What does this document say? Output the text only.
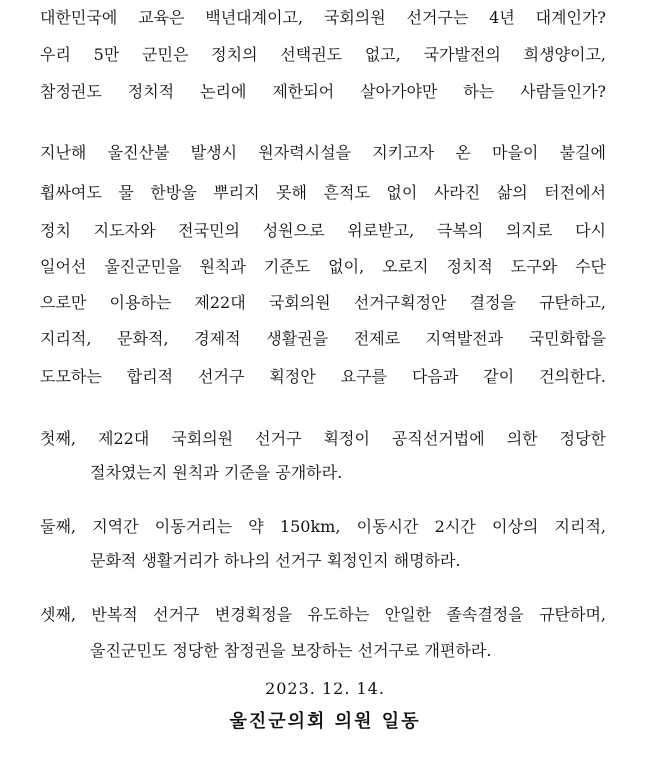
대한민국에 교육은 백년대계이고, 국회의원 선거구는 4년 대계인가?
우리 5만 군민은 정치의 선택권도 없고, 국가발전의 희생양이고,
참정권도 정치적 논리에 제한되어 살아가야만 하는 사람들인가?
지난해 울진산불 발생시 원자력시설을 지키고자 온 마을이 불길에
휩싸여도 물 한방울 뿌리지 못해 흔적도 없이 사라진 삶의 터전에서
정치 지도자와 전국민의 성원으로 위로받고, 극복의 의지로 다시
일어선 울진군민을 원칙과 기준도 없이, 오로지 정치적 도구와 수단
으로만 이용하는 제22대 국회의원 선거구획정안 결정을 규탄하고,
지리적, 문화적, 경제적 생활권을 전제로 지역발전과 국민화합을
도모하는 합리적 선거구 획정안 요구를 다음과 같이 건의한다.
첫째, 제22대 국회의원 선거구 획정이 공직선거법에 의한 정당한
절차였는지 원칙과 기준을 공개하라.
둘째, 지역간 이동거리는 약 150km, 이동시간 2시간 이상의 지리적,
문화적 생활거리가 하나의 선거구 획정인지 해명하라.
셋째, 반복적 선거구 변경획정을 유도하는 안일한 졸속결정을 규탄하며,
울진군민도 정당한 참정권을 보장하는 선거구로 개편하라.
2023. 12. 14.
울진군의회 의원 일동
